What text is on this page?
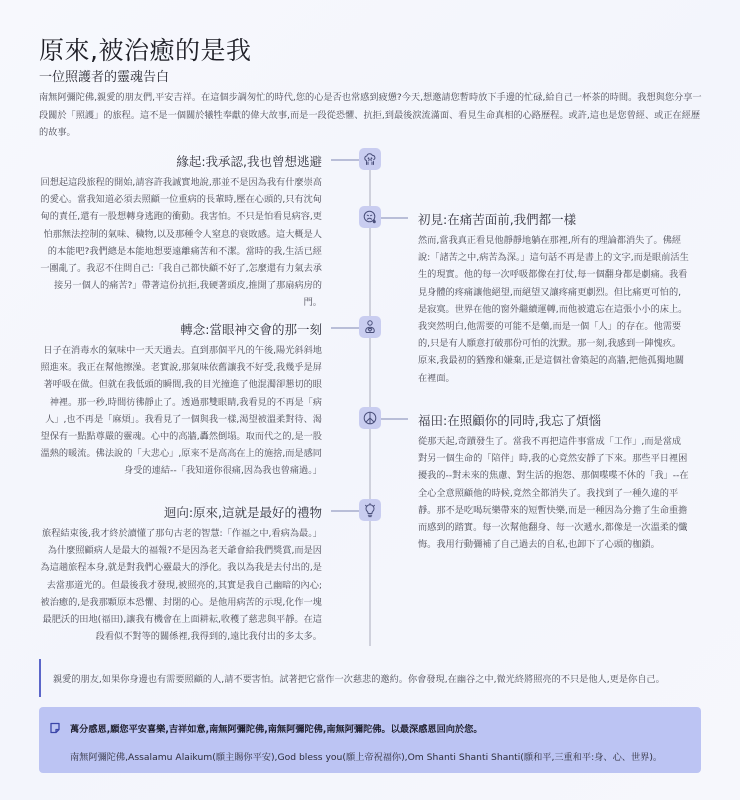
原來,被治癒的是我
一位照護者的靈魂告白

南無阿彌陀佛,親愛的朋友們,平安吉祥。在這個步調匆忙的時代,您的心是否也常感到疲憊?今天,想邀請您暫時放下手邊的忙碌,給自己一杯茶的時間。我想與您分享一段關於「照護」的旅程。這不是一個關於犧牲奉獻的偉大故事,而是一段從恐懼、抗拒,到最後淚流滿面、看見生命真相的心路歷程。或許,這也是您曾經、或正在經歷的故事。

緣起:我承認,我也曾想逃避
回想起這段旅程的開始,請容許我誠實地說,那並不是因為我有什麼崇高的愛心。當我知道必須去照顧一位重病的長輩時,壓在心頭的,只有沈甸甸的責任,還有一股想轉身逃跑的衝動。我害怕。不只是怕看見病容,更怕那無法控制的氣味、穢物,以及那種令人窒息的衰敗感。這大概是人的本能吧?我們總是本能地想要遠離痛苦和不潔。當時的我,生活已經一團亂了。我忍不住問自己:「我自己都快顧不好了,怎麼還有力氣去承接另一個人的痛苦?」帶著這份抗拒,我硬著頭皮,推開了那扇病房的門。
初見:在痛苦面前,我們都一樣
然而,當我真正看見他靜靜地躺在那裡,所有的理論都消失了。佛經說:「諸苦之中,病苦為深。」這句話不再是書上的文字,而是眼前活生生的現實。他的每一次呼吸都像在打仗,每一個翻身都是劇痛。我看見身體的疼痛讓他絕望,而絕望又讓疼痛更劇烈。但比痛更可怕的,是寂寞。世界在他的窗外繼續運轉,而他被遺忘在這張小小的床上。我突然明白,他需要的可能不是藥,而是一個「人」的存在。他需要的,只是有人願意打破那份可怕的沈默。那一刻,我感到一陣愧疚。原來,我最初的猶豫和嫌棄,正是這個社會築起的高牆,把他孤獨地關在裡面。
轉念:當眼神交會的那一刻
日子在消毒水的氣味中一天天過去。直到那個平凡的午後,陽光斜斜地照進來。我正在幫他擦澡。老實說,那氣味依舊讓我不好受,我幾乎是屏著呼吸在做。但就在我低頭的瞬間,我的目光撞進了他混濁卻懇切的眼神裡。那一秒,時間彷彿靜止了。透過那雙眼睛,我看見的不再是「病人」,也不再是「麻煩」。我看見了一個與我一樣,渴望被溫柔對待、渴望保有一點點尊嚴的靈魂。心中的高牆,轟然倒塌。取而代之的,是一股溫熱的暖流。佛法說的「大悲心」,原來不是高高在上的施捨,而是感同身受的連結--「我知道你很痛,因為我也曾痛過。」
福田:在照顧你的同時,我忘了煩惱
從那天起,奇蹟發生了。當我不再把這件事當成「工作」,而是當成對另一個生命的「陪伴」時,我的心竟然安靜了下來。那些平日裡困擾我的--對未來的焦慮、對生活的抱怨、那個喋喋不休的「我」--在全心全意照顧他的時候,竟然全都消失了。我找到了一種久違的平靜。那不是吃喝玩樂帶來的短暫快樂,而是一種因為分擔了生命重擔而感到的踏實。每一次幫他翻身、每一次遞水,都像是一次溫柔的懺悔。我用行動彌補了自己過去的自私,也卸下了心頭的枷鎖。
迴向:原來,這就是最好的禮物
旅程結束後,我才終於讀懂了那句古老的智慧:「作福之中,看病為最。」為什麼照顧病人是最大的福報?不是因為老天爺會給我們獎賞,而是因為這趟旅程本身,就是對我們心靈最大的淨化。我以為我是去付出的,是去當那道光的。但最後我才發現,被照亮的,其實是我自己幽暗的內心;被治癒的,是我那顆原本恐懼、封閉的心。是他用病苦的示現,化作一塊最肥沃的田地(福田),讓我有機會在上面耕耘,收穫了慈悲與平靜。在這段看似不對等的關係裡,我得到的,遠比我付出的多太多。
親愛的朋友,如果你身邊也有需要照顧的人,請不要害怕。試著把它當作一次慈悲的邀約。你會發現,在幽谷之中,微光終將照亮的不只是他人,更是你自己。
萬分感恩,願您平安喜樂,吉祥如意,南無阿彌陀佛,南無阿彌陀佛,南無阿彌陀佛。以最深感恩回向於您。
南無阿彌陀佛,Assalamu Alaikum(願主賜你平安),God bless you(願上帝祝福你),Om Shanti Shanti Shanti(願和平,三重和平:身、心、世界)。
